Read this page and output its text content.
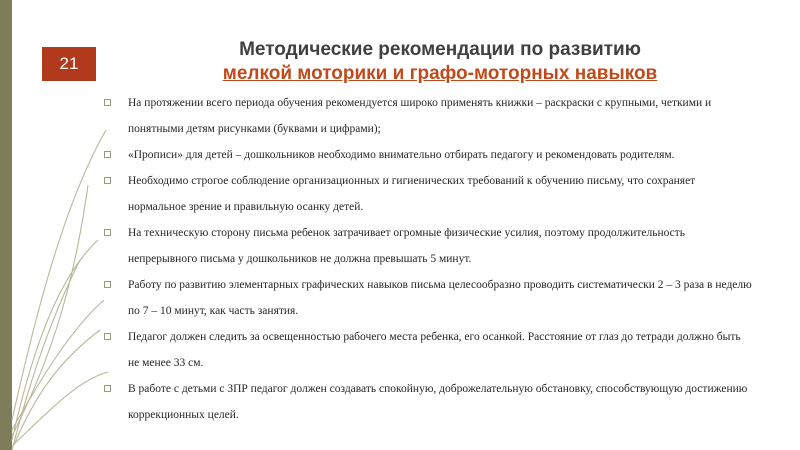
21
Методические рекомендации по развитию
мелкой моторики и графо-моторных навыков
На протяжении всего периода обучения рекомендуется широко применять книжки – раскраски с крупными, четкими и понятными детям рисунками (буквами и цифрами);
«Прописи» для детей – дошкольников необходимо внимательно отбирать педагогу и рекомендовать родителям.
Необходимо строгое соблюдение организационных и гигиенических требований к обучению письму, что сохраняет нормальное зрение и правильную осанку детей.
На техническую сторону письма ребенок затрачивает огромные физические усилия, поэтому продолжительность непрерывного письма у дошкольников не должна превышать 5 минут.
Работу по развитию элементарных графических навыков письма целесообразно проводить систематически 2 – 3 раза в неделю по 7 – 10 минут, как часть занятия.
Педагог должен следить за освещенностью рабочего места ребенка, его осанкой. Расстояние от глаз до тетради должно быть не менее 33 см.
В работе с детьми с ЗПР педагог должен создавать спокойную, доброжелательную обстановку, способствующую достижению коррекционных целей.
